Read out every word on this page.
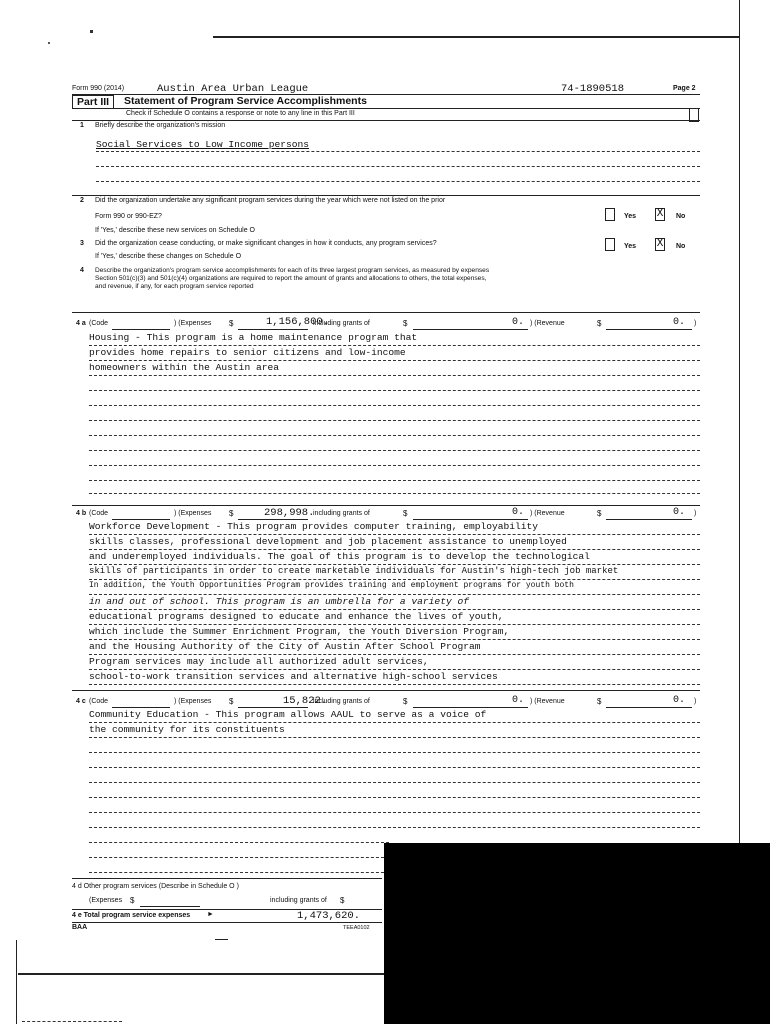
Form 990 (2014)	Austin Area Urban League	74-1890518	Page 2
Part III	Statement of Program Service Accomplishments
Check if Schedule O contains a response or note to any line in this Part III
1 Briefly describe the organization's mission
Social Services to Low Income persons
2 Did the organization undertake any significant program services during the year which were not listed on the prior
Form 990 or 990-EZ?
If 'Yes,' describe these new services on Schedule O
Yes X No
3 Did the organization cease conducting, or make significant changes in how it conducts, any program services?
If 'Yes,' describe these changes on Schedule O
Yes X No
4 Describe the organization's program service accomplishments for each of its three largest program services, as measured by expenses
Section 501(c)(3) and 501(c)(4) organizations are required to report the amount of grants and allocations to others, the total expenses,
and revenue, if any, for each program service reported
4 a (Code	) (Expenses $	1,156,800.
including grants of	$	0. ) (Revenue	$	0. )
Housing - This program is a home maintenance program that
provides home repairs to senior citizens and low-income
homeowners within the Austin area
4 b (Code	) (Expenses $	298,998.
including grants of	$	0. ) (Revenue	$	0. )
Workforce Development - This program provides computer training, employability
skills classes, professional development and job placement assistance to unemployed
and underemployed individuals. The goal of this program is to develop the technological
skills of participants in order to create marketable individuals for Austin's high-tech job market
In addition, the Youth Opportunities Program provides training and employment programs for youth both
in and out of school. This program is an umbrella for a variety of
educational programs designed to educate and enhance the lives of youth,
which include the Summer Enrichment Program, the Youth Diversion Program,
and the Housing Authority of the City of Austin After School Program
Program services may include all authorized adult services,
school-to-work transition services and alternative high-school services
4 c (Code	) (Expenses $	15,822.
including grants of	$	0. ) (Revenue	$	0. )
Community Education - This program allows AAUL to serve as a voice of
the community for its constituents
4 d Other program services (Describe in Schedule O )
(Expenses $	including grants of $
4 e Total program service expenses ►	1,473,620.
BAA	TEEA0102
